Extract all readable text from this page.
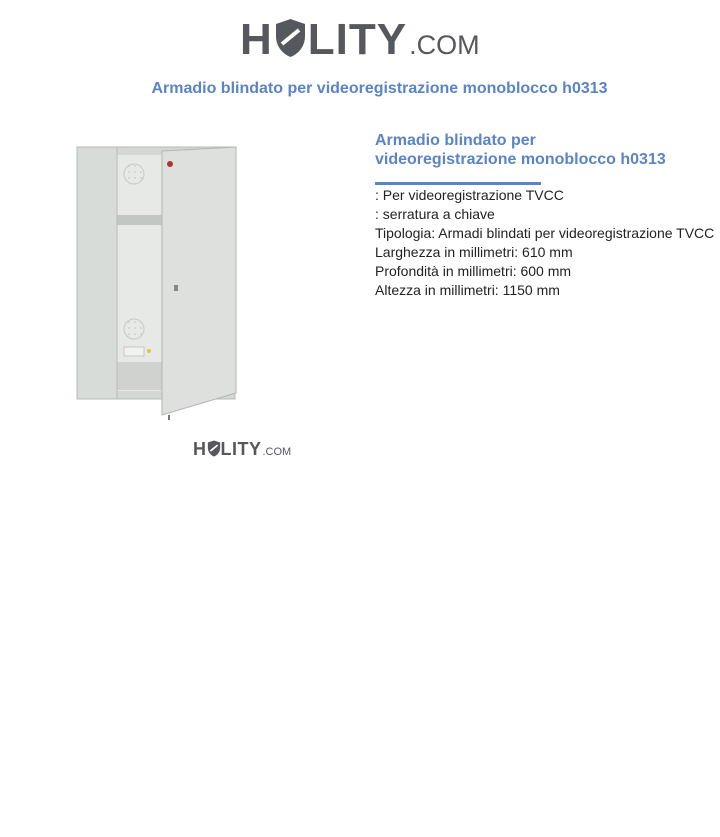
H LITY .COM
Armadio blindato per videoregistrazione monoblocco h0313
H LITY .COM
Armadio blindato per
videoregistrazione monoblocco h0313
: Per videoregistrazione TVCC
: serratura a chiave
Tipologia: Armadi blindati per videoregistrazione TVCC
Larghezza in millimetri: 610 mm
Profondità in millimetri: 600 mm
Altezza in millimetri: 1150 mm
